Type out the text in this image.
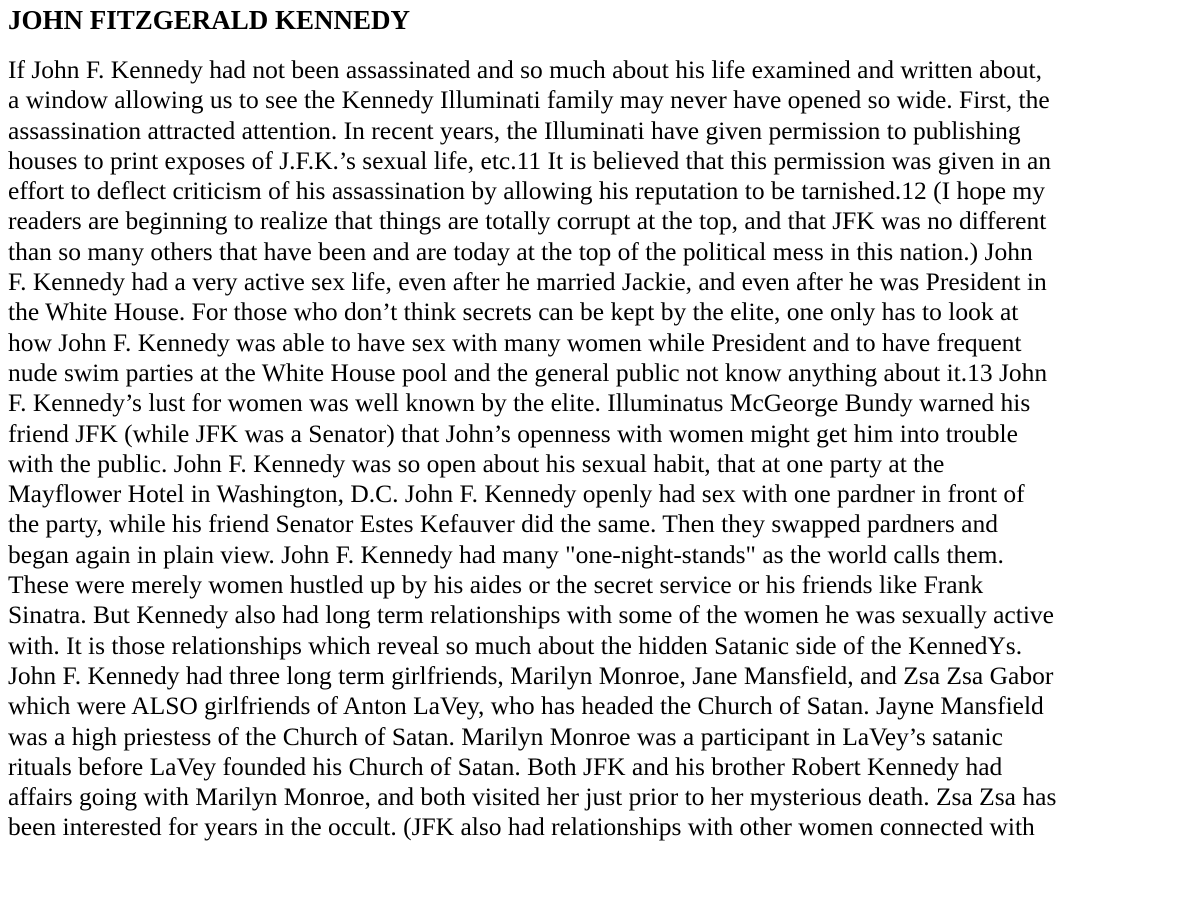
JOHN FITZGERALD KENNEDY
If John F. Kennedy had not been assassinated and so much about his life examined and written about,
a window allowing us to see the Kennedy Illuminati family may never have opened so wide. First, the
assassination attracted attention. In recent years, the Illuminati have given permission to publishing
houses to print exposes of J.F.K.’s sexual life, etc.11 It is believed that this permission was given in an
effort to deflect criticism of his assassination by allowing his reputation to be tarnished.12 (I hope my
readers are beginning to realize that things are totally corrupt at the top, and that JFK was no different
than so many others that have been and are today at the top of the political mess in this nation.) John
F. Kennedy had a very active sex life, even after he married Jackie, and even after he was President in
the White House. For those who don’t think secrets can be kept by the elite, one only has to look at
how John F. Kennedy was able to have sex with many women while President and to have frequent
nude swim parties at the White House pool and the general public not know anything about it.13 John
F. Kennedy’s lust for women was well known by the elite. Illuminatus McGeorge Bundy warned his
friend JFK (while JFK was a Senator) that John’s openness with women might get him into trouble
with the public. John F. Kennedy was so open about his sexual habit, that at one party at the
Mayflower Hotel in Washington, D.C. John F. Kennedy openly had sex with one pardner in front of
the party, while his friend Senator Estes Kefauver did the same. Then they swapped pardners and
began again in plain view. John F. Kennedy had many "one-night-stands" as the world calls them.
These were merely women hustled up by his aides or the secret service or his friends like Frank
Sinatra. But Kennedy also had long term relationships with some of the women he was sexually active
with. It is those relationships which reveal so much about the hidden Satanic side of the KennedYs.
John F. Kennedy had three long term girlfriends, Marilyn Monroe, Jane Mansfield, and Zsa Zsa Gabor
which were ALSO girlfriends of Anton LaVey, who has headed the Church of Satan. Jayne Mansfield
was a high priestess of the Church of Satan. Marilyn Monroe was a participant in LaVey’s satanic
rituals before LaVey founded his Church of Satan. Both JFK and his brother Robert Kennedy had
affairs going with Marilyn Monroe, and both visited her just prior to her mysterious death. Zsa Zsa has
been interested for years in the occult. (JFK also had relationships with other women connected with
